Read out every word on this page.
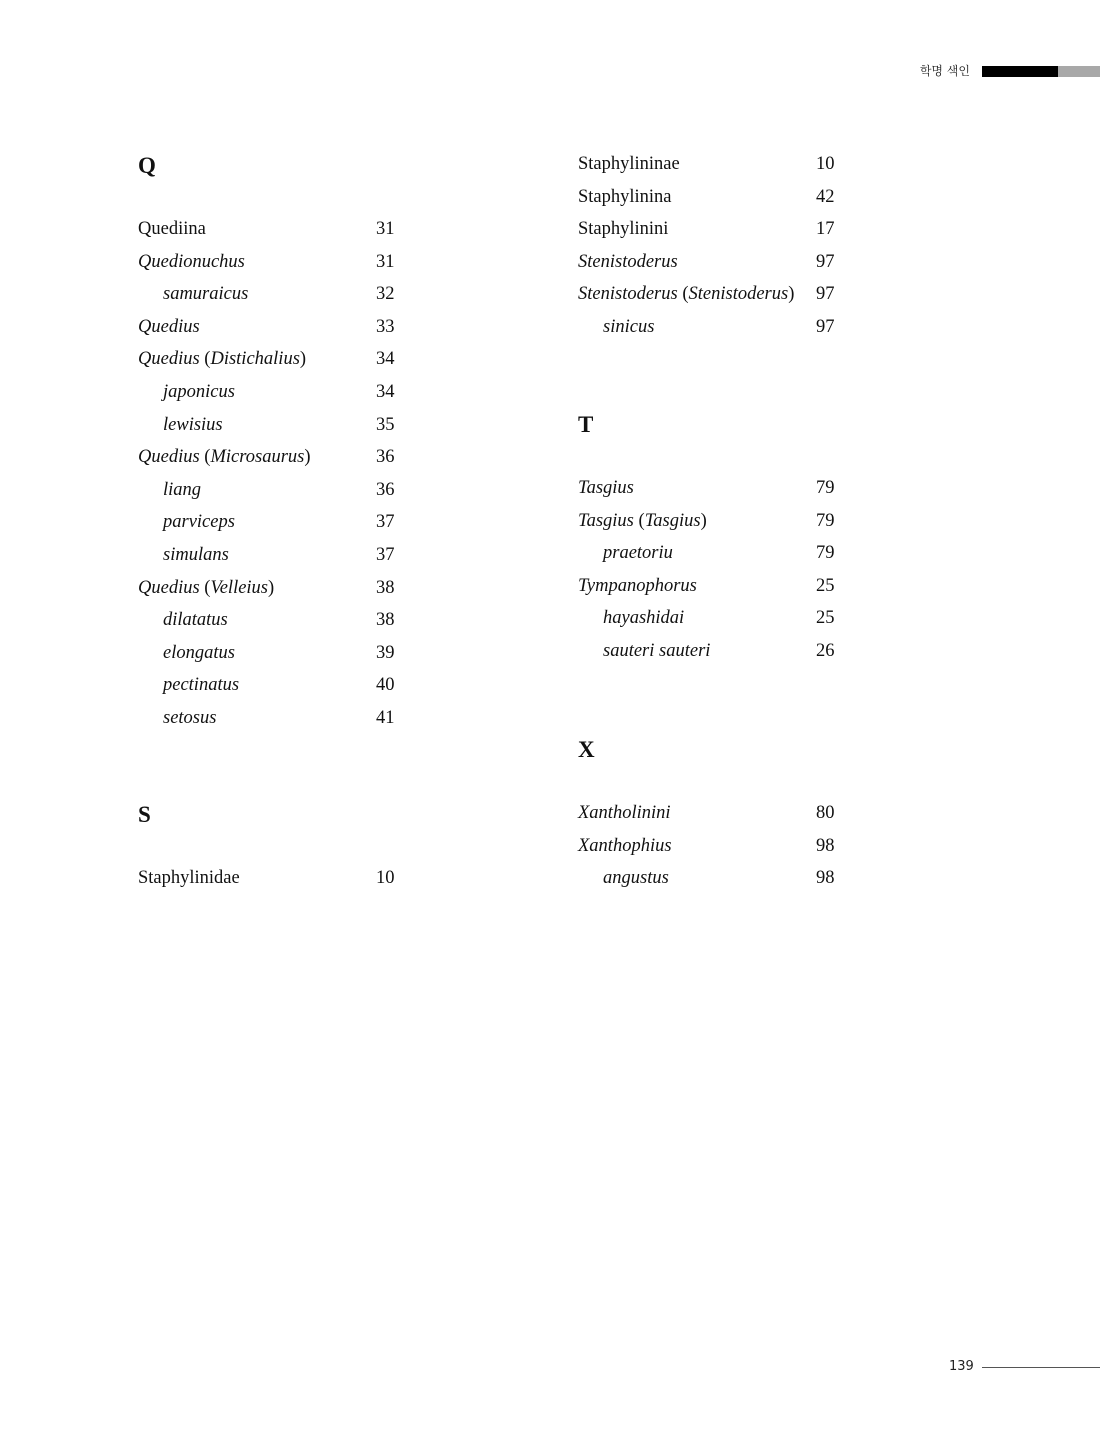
학명 색인
Q
Quediina	31
Quedionuchus	31
samuraicus	32
Quedius	33
Quedius (Distichalius)	34
japonicus	34
lewisius	35
Quedius (Microsaurus)	36
liang	36
parviceps	37
simulans	37
Quedius (Velleius)	38
dilatatus	38
elongatus	39
pectinatus	40
setosus	41
S
Staphylinidae	10
Staphylininae	10
Staphylinina	42
Staphylinini	17
Stenistoderus	97
Stenistoderus (Stenistoderus) 97
sinicus	97
T
Tasgius	79
Tasgius (Tasgius)	79
praetoriu	79
Tympanophorus	25
hayashidai	25
sauteri sauteri	26
X
Xantholinini	80
Xanthophius	98
angustus	98
139
